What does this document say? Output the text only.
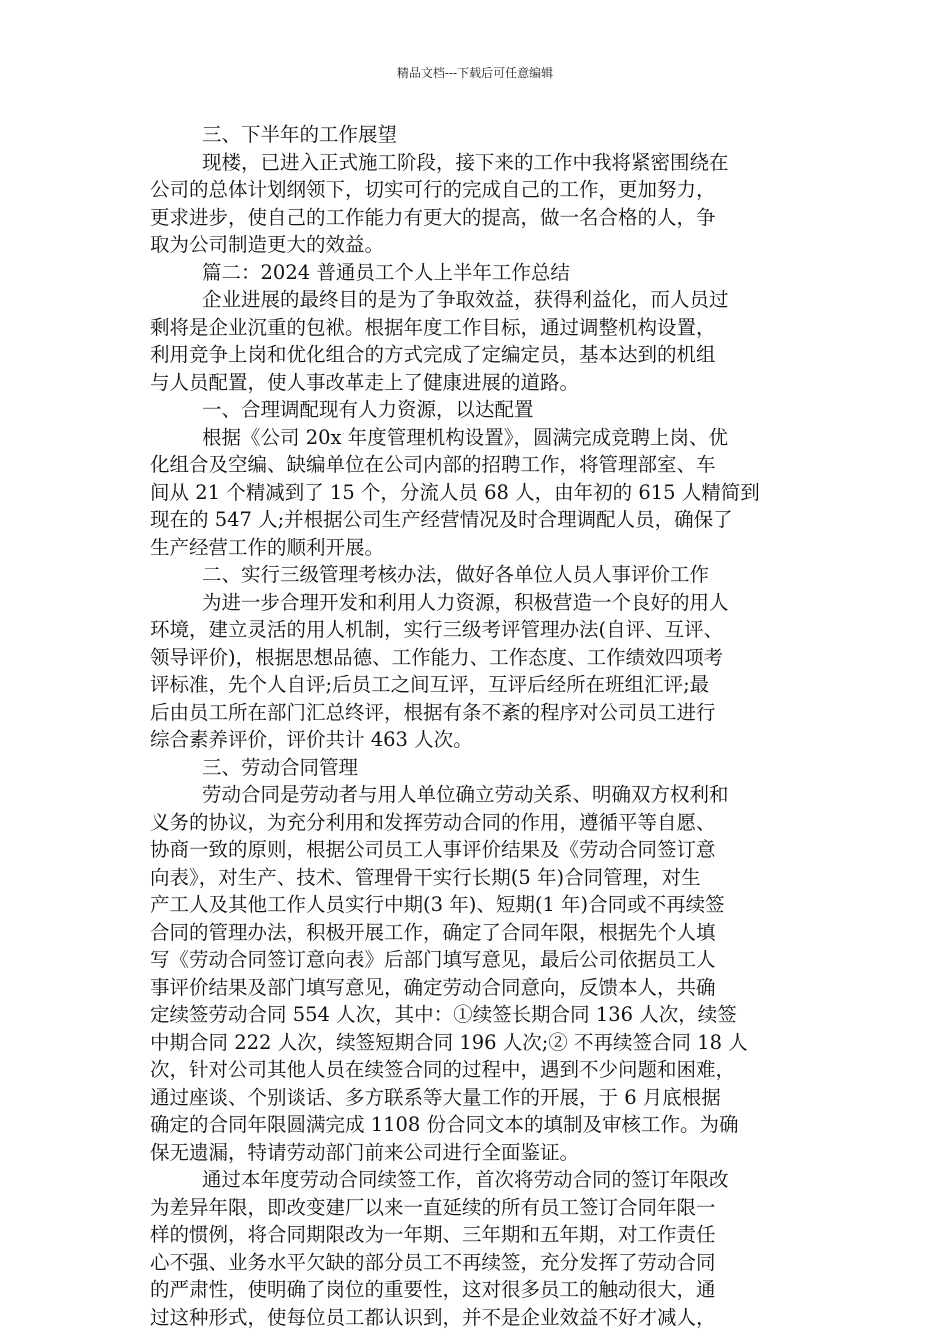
精品文档---下载后可任意编辑
三、下半年的工作展望
现楼，已进入正式施工阶段，接下来的工作中我将紧密围绕在
公司的总体计划纲领下，切实可行的完成自己的工作，更加努力，
更求进步，使自己的工作能力有更大的提高，做一名合格的人，争
取为公司制造更大的效益。
篇二：2024 普通员工个人上半年工作总结
企业进展的最终目的是为了争取效益，获得利益化，而人员过
剩将是企业沉重的包袱。根据年度工作目标，通过调整机构设置，
利用竞争上岗和优化组合的方式完成了定编定员，基本达到的机组
与人员配置，使人事改革走上了健康进展的道路。
一、合理调配现有人力资源，以达配置
根据《公司 20x 年度管理机构设置》，圆满完成竞聘上岗、优
化组合及空编、缺编单位在公司内部的招聘工作，将管理部室、车
间从 21 个精减到了 15 个，分流人员 68 人，由年初的 615 人精简到
现在的 547 人;并根据公司生产经营情况及时合理调配人员，确保了
生产经营工作的顺利开展。
二、实行三级管理考核办法，做好各单位人员人事评价工作
为进一步合理开发和利用人力资源，积极营造一个良好的用人
环境，建立灵活的用人机制，实行三级考评管理办法(自评、互评、
领导评价)，根据思想品德、工作能力、工作态度、工作绩效四项考
评标准，先个人自评;后员工之间互评，互评后经所在班组汇评;最
后由员工所在部门汇总终评，根据有条不紊的程序对公司员工进行
综合素养评价，评价共计 463 人次。
三、劳动合同管理
劳动合同是劳动者与用人单位确立劳动关系、明确双方权利和
义务的协议，为充分利用和发挥劳动合同的作用，遵循平等自愿、
协商一致的原则，根据公司员工人事评价结果及《劳动合同签订意
向表》，对生产、技术、管理骨干实行长期(5 年)合同管理，对生
产工人及其他工作人员实行中期(3 年)、短期(1 年)合同或不再续签
合同的管理办法，积极开展工作，确定了合同年限，根据先个人填
写《劳动合同签订意向表》后部门填写意见，最后公司依据员工人
事评价结果及部门填写意见，确定劳动合同意向，反馈本人，共确
定续签劳动合同 554 人次，其中：①续签长期合同 136 人次，续签
中期合同 222 人次，续签短期合同 196 人次;② 不再续签合同 18 人
次，针对公司其他人员在续签合同的过程中，遇到不少问题和困难，
通过座谈、个别谈话、多方联系等大量工作的开展，于 6 月底根据
确定的合同年限圆满完成 1108 份合同文本的填制及审核工作。为确
保无遗漏，特请劳动部门前来公司进行全面鉴证。
通过本年度劳动合同续签工作，首次将劳动合同的签订年限改
为差异年限，即改变建厂以来一直延续的所有员工签订合同年限一
样的惯例，将合同期限改为一年期、三年期和五年期，对工作责任
心不强、业务水平欠缺的部分员工不再续签，充分发挥了劳动合同
的严肃性，使明确了岗位的重要性，这对很多员工的触动很大，通
过这种形式，使每位员工都认识到，并不是企业效益不好才减人，
